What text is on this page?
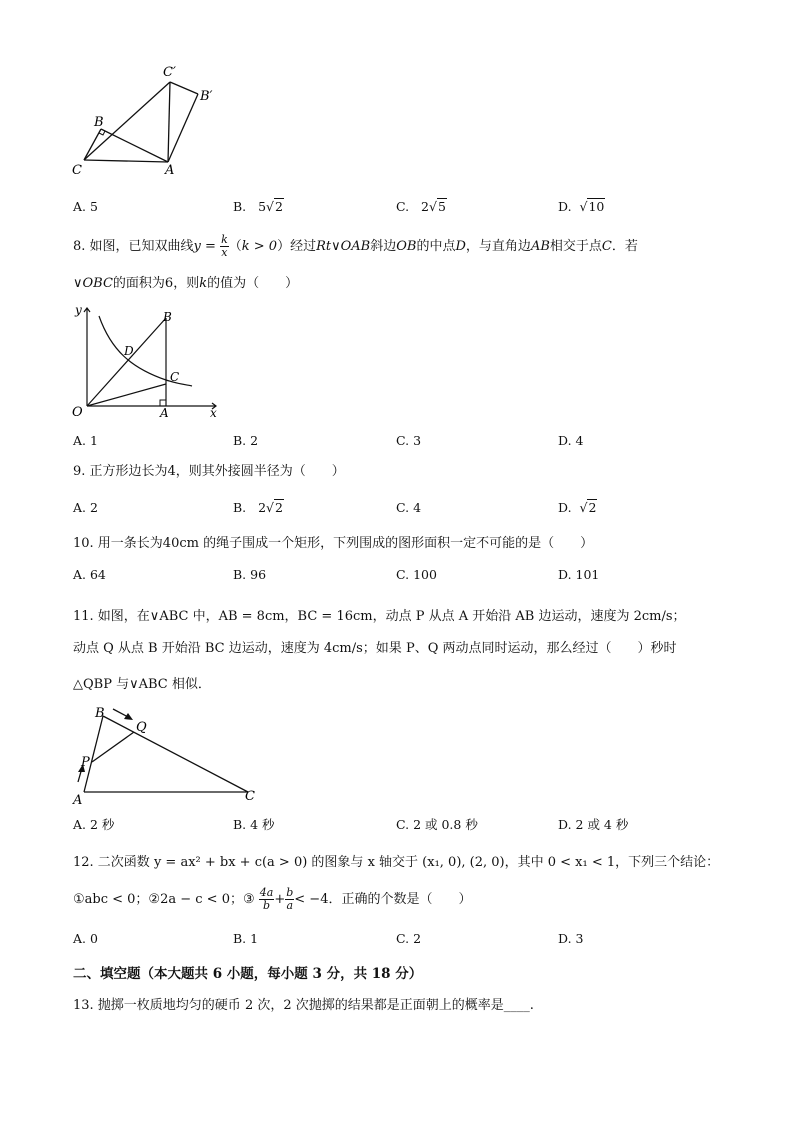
C′
B′
B
C	A
A. 5	B. 5√2	C. 2√5	D. √10
8. 如图，已知双曲线$y = \frac{k}{x} (k > 0)$经过Rt∨OAB斜边OB的中点D，与直角边AB相交于点C．若
∨OBC的面积为6，则k的值为（　　）
y
x
O	A
B
C
D
A. 1	B. 2	C. 3	D. 4
9. 正方形边长为4，则其外接圆半径为（　　）
A. 2	B. 2√2	C. 4	D. √2
10. 用一条长为40cm 的绳子围成一个矩形，下列围成的图形面积一定不可能的是（　　）
A. 64	B. 96	C. 100	D. 101
11. 如图，在∨ABC 中，AB = 8cm，BC = 16cm，动点 P 从点 A 开始沿 AB 边运动，速度为 2cm/s；
动点 Q 从点 B 开始沿 BC 边运动，速度为 4cm/s；如果 P、Q 两动点同时运动，那么经过（　　）秒时
△QBP 与∨ABC 相似．
B
Q
P
A	C
A. 2 秒	B. 4 秒	C. 2 或 0.8 秒	D. 2 或 4 秒
12. 二次函数 y = ax² + bx + c(a > 0) 的图象与 x 轴交于 (x₁, 0), (2, 0)，其中 0 < x₁ < 1，下列三个结论：
①abc < 0；②2a − c < 0；③ $\frac{4a}{b} + \frac{b}{a} < -4$．正确的个数是（　　）
A. 0	B. 1	C. 2	D. 3
二、填空题（本大题共 6 小题，每小题 3 分，共 18 分）
13. 抛掷一枚质地均匀的硬币 2 次，2 次抛掷的结果都是正面朝上的概率是____.
